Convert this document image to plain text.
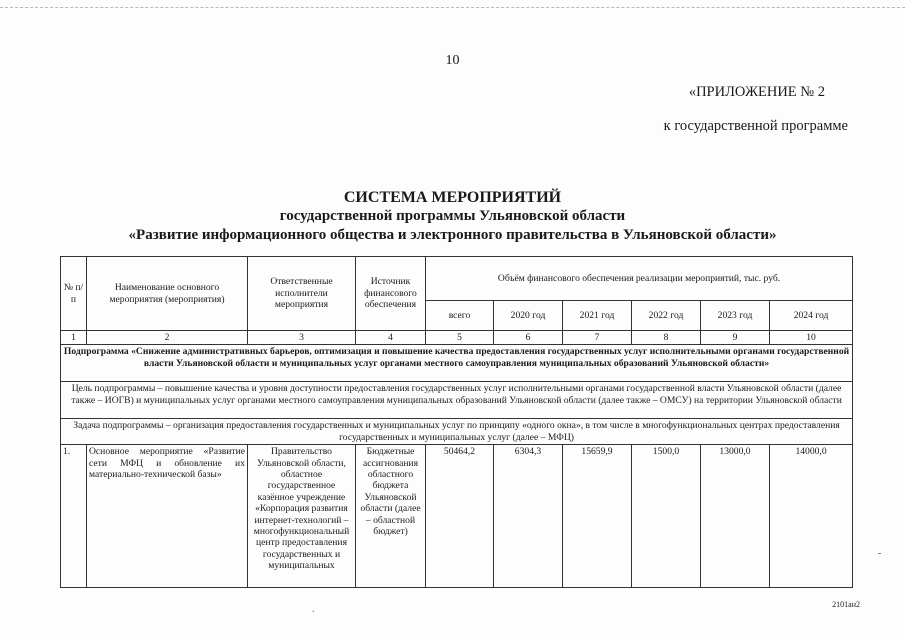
10
«ПРИЛОЖЕНИЕ № 2
к государственной программе
СИСТЕМА МЕРОПРИЯТИЙ
государственной программы Ульяновской области
«Развитие информационного общества и электронного правительства в Ульяновской области»
№ п/п	Наименование основного мероприятия (мероприятия)	Ответственные исполнители мероприятия	Источник финансового обеспечения	Объём финансового обеспечения реализации мероприятий, тыс. руб.					
				всего	2020 год	2021 год	2022 год	2023 год	2024 год
1	2	3	4	5	6	7	8	9	10
Подпрограмма «Снижение административных барьеров, оптимизация и повышение качества предоставления государственных услуг исполнительными органами государственной власти Ульяновской области и муниципальных услуг органами местного самоуправления муниципальных образований Ульяновской области»									
Цель подпрограммы – повышение качества и уровня доступности предоставления государственных услуг исполнительными органами государственной власти Ульяновской области (далее также – ИОГВ) и муниципальных услуг органами местного самоуправления муниципальных образований Ульяновской области (далее также – ОМСУ) на территории Ульяновской области									
Задача подпрограммы – организация предоставления государственных и муниципальных услуг по принципу «одного окна», в том числе в многофункциональных центрах предоставления государственных и муниципальных услуг (далее – МФЦ)									
1.	Основное мероприятие «Развитие сети МФЦ и обновление их материально-технической базы»	Правительство Ульяновской области, областное государственное казённое учреждение «Корпорация развития интернет-технологий – многофункциональный центр предоставления государственных и муниципальных	Бюджетные ассигнования областного бюджета Ульяновской области (далее – областной бюджет)	50464,2	6304,3	15659,9	1500,0	13000,0	14000,0
2101ан2
.
-
